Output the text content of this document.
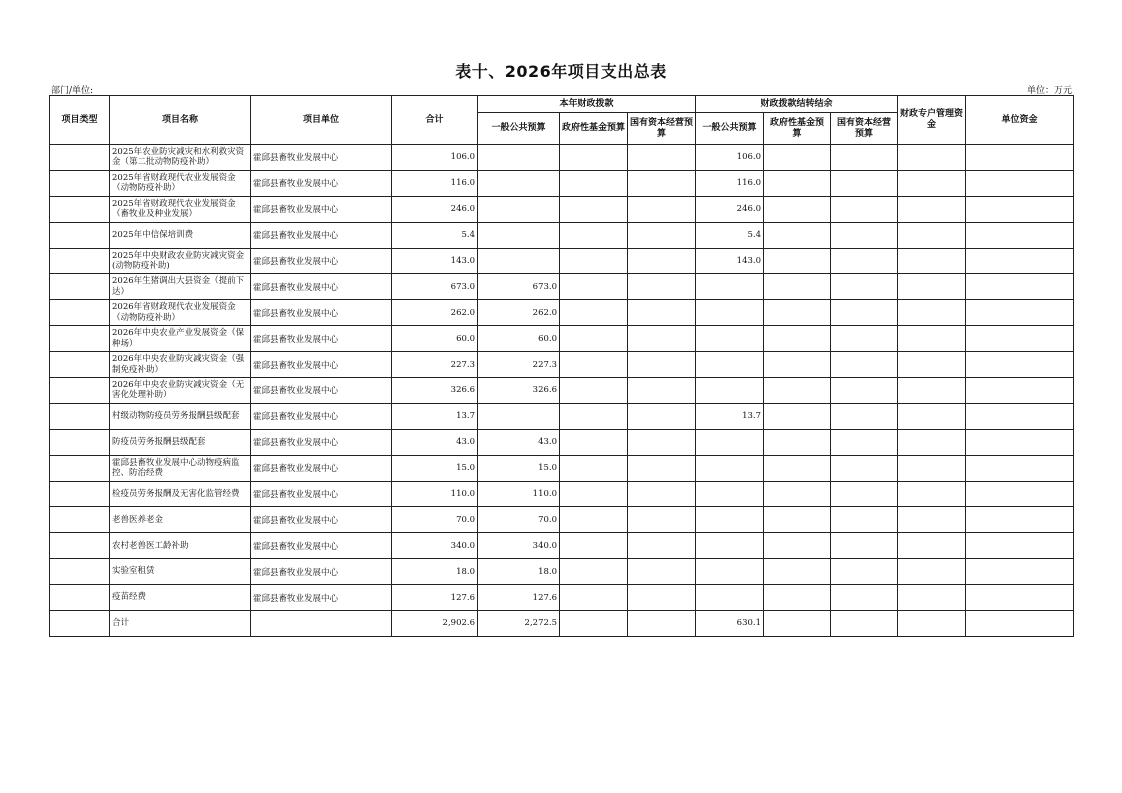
表十、2026年项目支出总表
部门/单位:	单位：万元
项目类型	项目名称	项目单位	合计	本年财政拨款			财政拨款结转结余			财政专户管理资金	单位资金
				一般公共预算	政府性基金预算	国有资本经营预算	一般公共预算	政府性基金预算	国有资本经营预算		
	2025年农业防灾减灾和水利救灾资金（第二批动物防疫补助）	霍邱县畜牧业发展中心	106.0				106.0				
	2025年省财政现代农业发展资金（动物防疫补助）	霍邱县畜牧业发展中心	116.0				116.0				
	2025年省财政现代农业发展资金（畜牧业及种业发展）	霍邱县畜牧业发展中心	246.0				246.0				
	2025年中信保培训费	霍邱县畜牧业发展中心	5.4				5.4				
	2025年中央财政农业防灾减灾资金(动物防疫补助)	霍邱县畜牧业发展中心	143.0				143.0				
	2026年生猪调出大县资金（提前下达）	霍邱县畜牧业发展中心	673.0	673.0							
	2026年省财政现代农业发展资金（动物防疫补助）	霍邱县畜牧业发展中心	262.0	262.0							
	2026年中央农业产业发展资金（保种场）	霍邱县畜牧业发展中心	60.0	60.0							
	2026年中央农业防灾减灾资金（强制免疫补助）	霍邱县畜牧业发展中心	227.3	227.3							
	2026年中央农业防灾减灾资金（无害化处理补助）	霍邱县畜牧业发展中心	326.6	326.6							
	村级动物防疫员劳务报酬县级配套	霍邱县畜牧业发展中心	13.7				13.7				
	防疫员劳务报酬县级配套	霍邱县畜牧业发展中心	43.0	43.0							
	霍邱县畜牧业发展中心动物疫病监控、防治经费	霍邱县畜牧业发展中心	15.0	15.0							
	检疫员劳务报酬及无害化监管经费	霍邱县畜牧业发展中心	110.0	110.0							
	老兽医养老金	霍邱县畜牧业发展中心	70.0	70.0							
	农村老兽医工龄补助	霍邱县畜牧业发展中心	340.0	340.0							
	实验室租赁	霍邱县畜牧业发展中心	18.0	18.0							
	疫苗经费	霍邱县畜牧业发展中心	127.6	127.6							
	合计		2,902.6	2,272.5			630.1				
